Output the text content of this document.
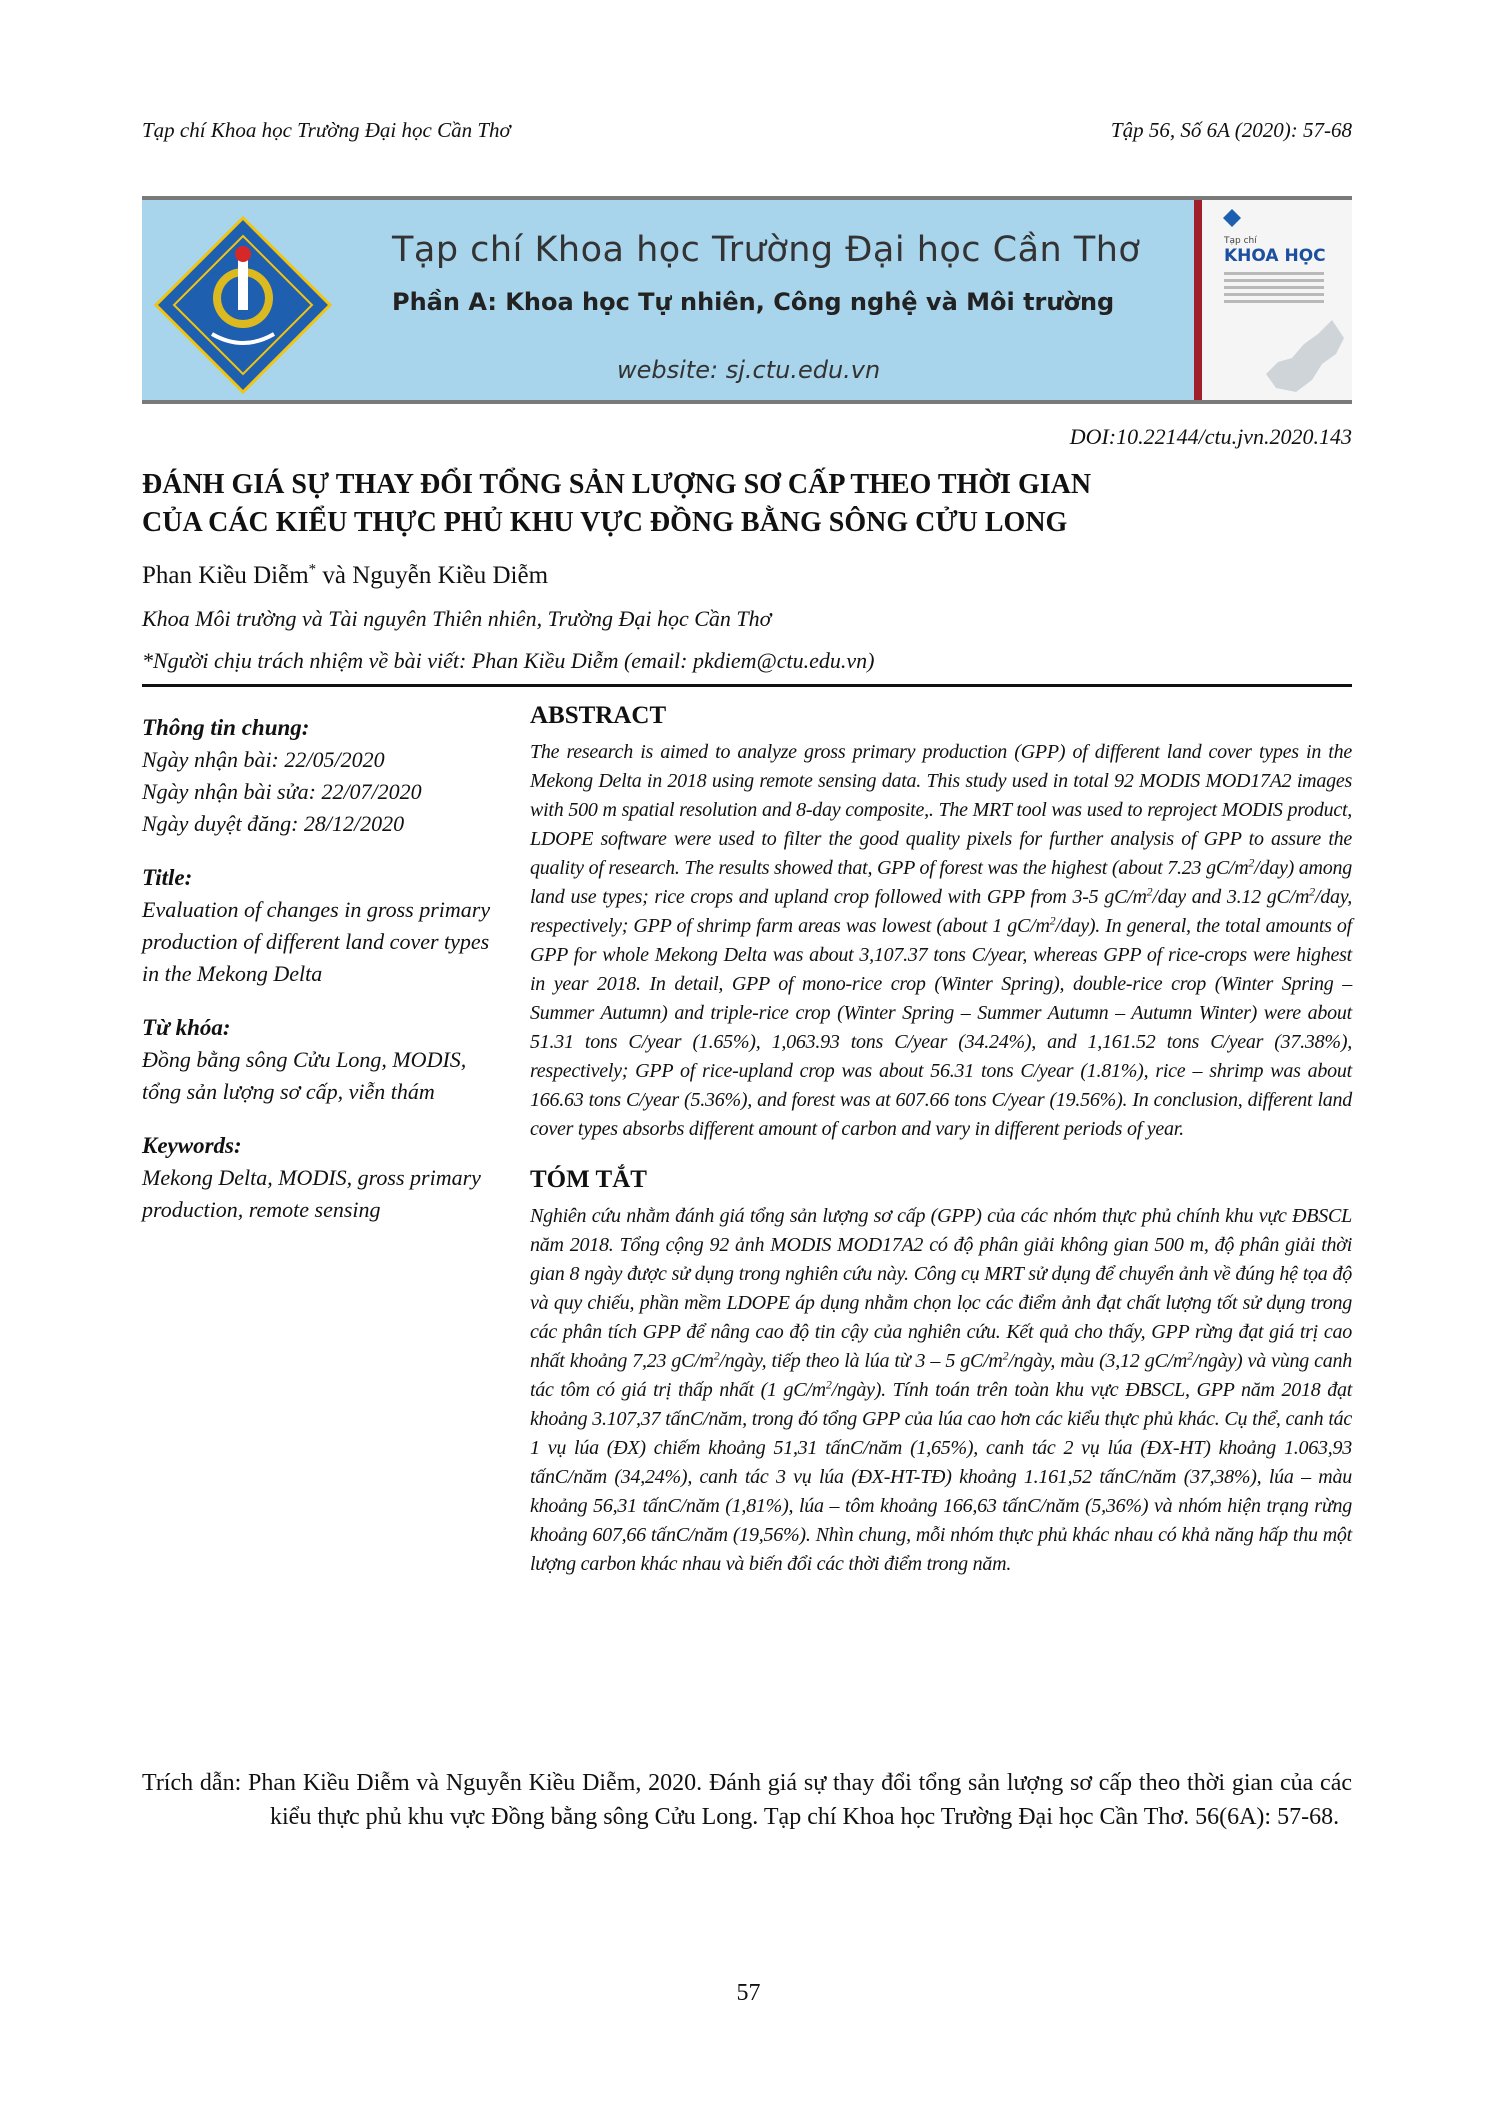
Tạp chí Khoa học Trường Đại học Cần Thơ	Tập 56, Số 6A (2020): 57-68
Tạp chí Khoa học Trường Đại học Cần Thơ
Phần A: Khoa học Tự nhiên, Công nghệ và Môi trường
website: sj.ctu.edu.vn
Tạp chí
KHOA HỌC
DOI:10.22144/ctu.jvn.2020.143
ĐÁNH GIÁ SỰ THAY ĐỔI TỔNG SẢN LƯỢNG SƠ CẤP THEO THỜI GIAN
CỦA CÁC KIỂU THỰC PHỦ KHU VỰC ĐỒNG BẰNG SÔNG CỬU LONG
Phan Kiều Diễm* và Nguyễn Kiều Diễm
Khoa Môi trường và Tài nguyên Thiên nhiên, Trường Đại học Cần Thơ
*Người chịu trách nhiệm về bài viết: Phan Kiều Diễm (email: pkdiem@ctu.edu.vn)
Thông tin chung:
Ngày nhận bài: 22/05/2020
Ngày nhận bài sửa: 22/07/2020
Ngày duyệt đăng: 28/12/2020
Title:
Evaluation of changes in gross primary production of different land cover types in the Mekong Delta
Từ khóa:
Đồng bằng sông Cửu Long, MODIS, tổng sản lượng sơ cấp, viễn thám
Keywords:
Mekong Delta, MODIS, gross primary production, remote sensing
ABSTRACT

The research is aimed to analyze gross primary production (GPP) of different land cover types in the Mekong Delta in 2018 using remote sensing data. This study used in total 92 MODIS MOD17A2 images with 500 m spatial resolution and 8-day composite,. The MRT tool was used to reproject MODIS product, LDOPE software were used to filter the good quality pixels for further analysis of GPP to assure the quality of research. The results showed that, GPP of forest was the highest (about 7.23 $gC/m^2/day$) among land use types; rice crops and upland crop followed with GPP from 3-5 $gC/m^2$/day and 3.12 $gC/m^2$/day, respectively; GPP of shrimp farm areas was lowest (about 1 $gC/m^2/day$). In general, the total amounts of GPP for whole Mekong Delta was about 3,107.37 tons C/year, whereas GPP of rice-crops were highest in year 2018. In detail, GPP of mono-rice crop (Winter Spring), double-rice crop (Winter Spring – Summer Autumn) and triple-rice crop (Winter Spring – Summer Autumn – Autumn Winter) were about 51.31 tons C/year (1.65%), 1,063.93 tons C/year (34.24%), and 1,161.52 tons C/year (37.38%), respectively; GPP of rice-upland crop was about 56.31 tons C/year (1.81%), rice – shrimp was about 166.63 tons C/year (5.36%), and forest was at 607.66 tons C/year (19.56%). In conclusion, different land cover types absorbs different amount of carbon and vary in different periods of year.

TÓM TẮT

Nghiên cứu nhằm đánh giá tổng sản lượng sơ cấp (GPP) của các nhóm thực phủ chính khu vực ĐBSCL năm 2018. Tổng cộng 92 ảnh MODIS MOD17A2 có độ phân giải không gian 500 m, độ phân giải thời gian 8 ngày được sử dụng trong nghiên cứu này. Công cụ MRT sử dụng để chuyển ảnh về đúng hệ tọa độ và quy chiếu, phần mềm LDOPE áp dụng nhằm chọn lọc các điểm ảnh đạt chất lượng tốt sử dụng trong các phân tích GPP để nâng cao độ tin cậy của nghiên cứu. Kết quả cho thấy, GPP rừng đạt giá trị cao nhất khoảng 7,23 $gC/m^2$/ngày, tiếp theo là lúa từ 3 – 5 $gC/m^2$/ngày, màu (3,12 $gC/m^2/ngày$) và vùng canh tác tôm có giá trị thấp nhất (1 $gC/m^2/ngày$). Tính toán trên toàn khu vực ĐBSCL, GPP năm 2018 đạt khoảng 3.107,37 tấnC/năm, trong đó tổng GPP của lúa cao hơn các kiểu thực phủ khác. Cụ thể, canh tác 1 vụ lúa (ĐX) chiếm khoảng 51,31 tấnC/năm (1,65%), canh tác 2 vụ lúa (ĐX-HT) khoảng 1.063,93 tấnC/năm (34,24%), canh tác 3 vụ lúa (ĐX-HT-TĐ) khoảng 1.161,52 tấnC/năm (37,38%), lúa – màu khoảng 56,31 tấnC/năm (1,81%), lúa – tôm khoảng 166,63 tấnC/năm (5,36%) và nhóm hiện trạng rừng khoảng 607,66 tấnC/năm (19,56%). Nhìn chung, mỗi nhóm thực phủ khác nhau có khả năng hấp thu một lượng carbon khác nhau và biến đổi các thời điểm trong năm.

Trích dẫn: Phan Kiều Diễm và Nguyễn Kiều Diễm, 2020. Đánh giá sự thay đổi tổng sản lượng sơ cấp theo thời gian của các kiểu thực phủ khu vực Đồng bằng sông Cửu Long. Tạp chí Khoa học Trường Đại học Cần Thơ. 56(6A): 57-68.
57
